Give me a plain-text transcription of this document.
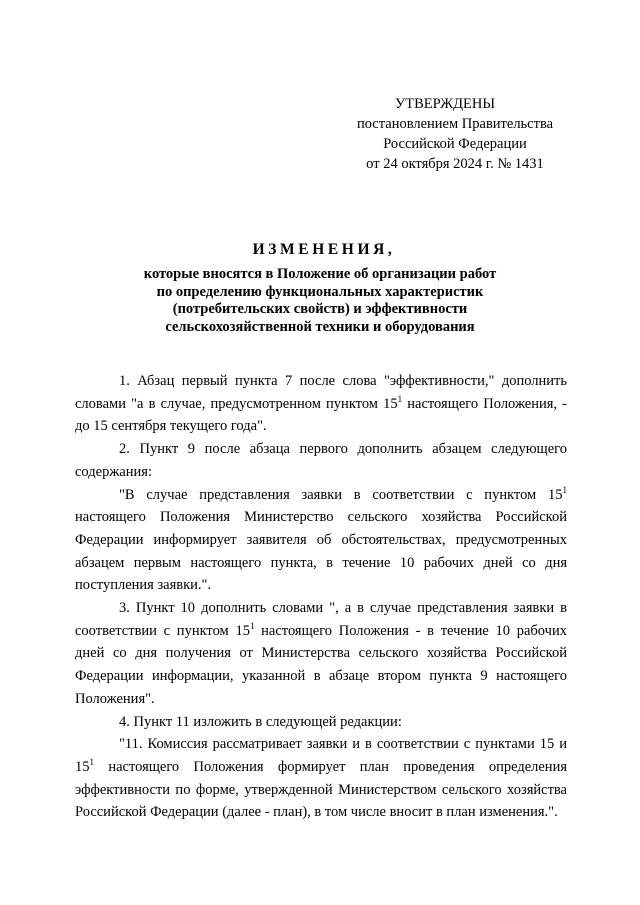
УТВЕРЖДЕНЫ
постановлением Правительства
Российской Федерации
от 24 октября 2024 г. № 1431
ИЗМЕНЕНИЯ,
которые вносятся в Положение об организации работ
по определению функциональных характеристик
(потребительских свойств) и эффективности
сельскохозяйственной техники и оборудования

1. Абзац первый пункта 7 после слова "эффективности," дополнить словами "а в случае, предусмотренном пунктом $15^1$ настоящего Положения, - до 15 сентября текущего года".

2. Пункт 9 после абзаца первого дополнить абзацем следующего содержания:

"В случае представления заявки в соответствии с пунктом $15^1$ настоящего Положения Министерство сельского хозяйства Российской Федерации информирует заявителя об обстоятельствах, предусмотренных абзацем первым настоящего пункта, в течение 10 рабочих дней со дня поступления заявки.".

3. Пункт 10 дополнить словами ", а в случае представления заявки в соответствии с пунктом $15^1$ настоящего Положения - в течение 10 рабочих дней со дня получения от Министерства сельского хозяйства Российской Федерации информации, указанной в абзаце втором пункта 9 настоящего Положения".

4. Пункт 11 изложить в следующей редакции:

"11. Комиссия рассматривает заявки и в соответствии с пунктами 15 и $15^1$ настоящего Положения формирует план проведения определения эффективности по форме, утвержденной Министерством сельского хозяйства Российской Федерации (далее - план), в том числе вносит в план изменения.".
